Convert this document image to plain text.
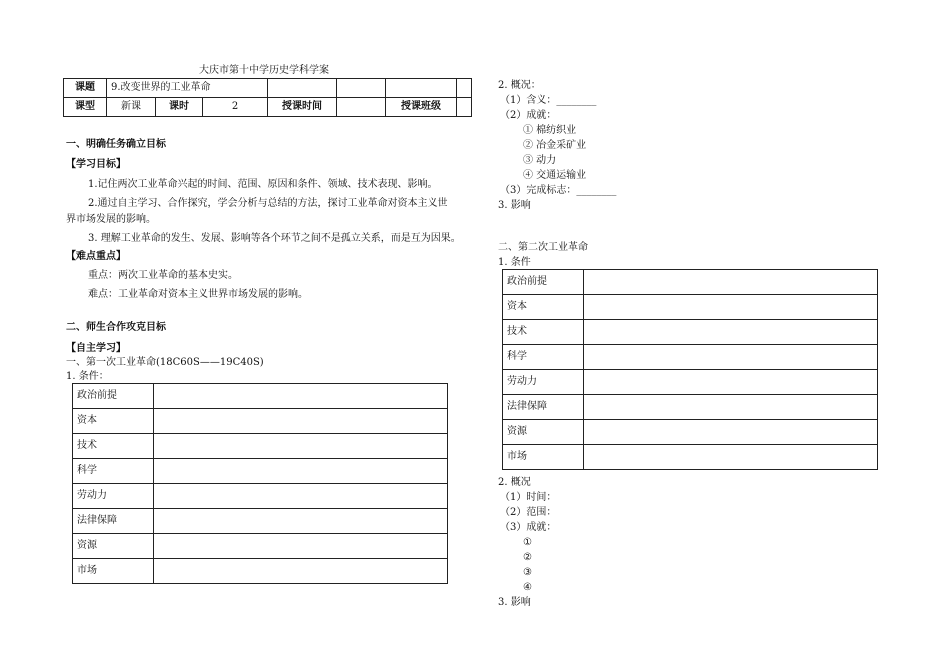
大庆市第十中学历史学科学案
课题	9.改变世界的工业革命						
课型	新课	课时	2	授课时间		授课班级	
一、明确任务确立目标
【学习目标】
1.记住两次工业革命兴起的时间、范围、原因和条件、领域、技术表现、影响。
2.通过自主学习、合作探究，学会分析与总结的方法，探讨工业革命对资本主义世
界市场发展的影响。
3. 理解工业革命的发生、发展、影响等各个环节之间不是孤立关系，而是互为因果。
【难点重点】
重点：两次工业革命的基本史实。
难点：工业革命对资本主义世界市场发展的影响。
二、师生合作攻克目标
【自主学习】
一、第一次工业革命(18C60S——19C40S)
1. 条件：
政治前提	
资本	
技术	
科学	
劳动力	
法律保障	
资源	
市场	
2. 概况：
（1）含义：________
（2）成就：
① 棉纺织业
② 冶金采矿业
③ 动力
④ 交通运输业
（3）完成标志：________
3. 影响
二、第二次工业革命
1. 条件
政治前提	
资本	
技术	
科学	
劳动力	
法律保障	
资源	
市场	
2. 概况
（1）时间：
（2）范围：
（3）成就：
①
②
③
④
3. 影响
